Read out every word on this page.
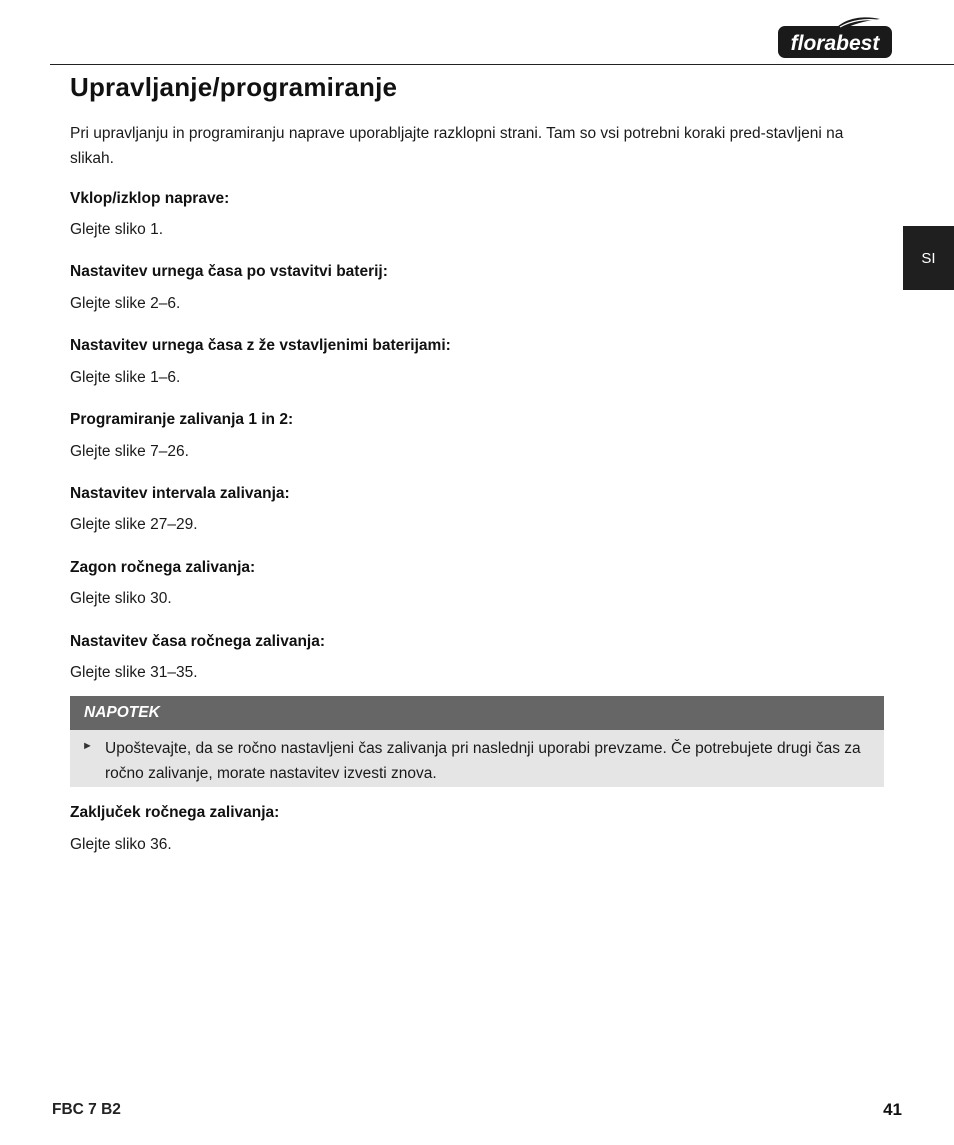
florabest
Upravljanje/programiranje

Pri upravljanju in programiranju naprave uporabljajte razklopni strani. Tam so vsi potrebni koraki pred-stavljeni na slikah.

SI
Vklop/izklop naprave:

Glejte sliko 1.

Nastavitev urnega časa po vstavitvi baterij:

Glejte slike 2–6.

Nastavitev urnega časa z že vstavljenimi baterijami:

Glejte slike 1–6.

Programiranje zalivanja 1 in 2:

Glejte slike 7–26.

Nastavitev intervala zalivanja:

Glejte slike 27–29.

Zagon ročnega zalivanja:

Glejte sliko 30.

Nastavitev časa ročnega zalivanja:

Glejte slike 31–35.

NAPOTEK
► Upoštevajte, da se ročno nastavljeni čas zalivanja pri naslednji uporabi prevzame. Če potrebujete drugi čas za ročno zalivanje, morate nastavitev izvesti znova.

Zaključek ročnega zalivanja:

Glejte sliko 36.

FBC 7 B2	41
